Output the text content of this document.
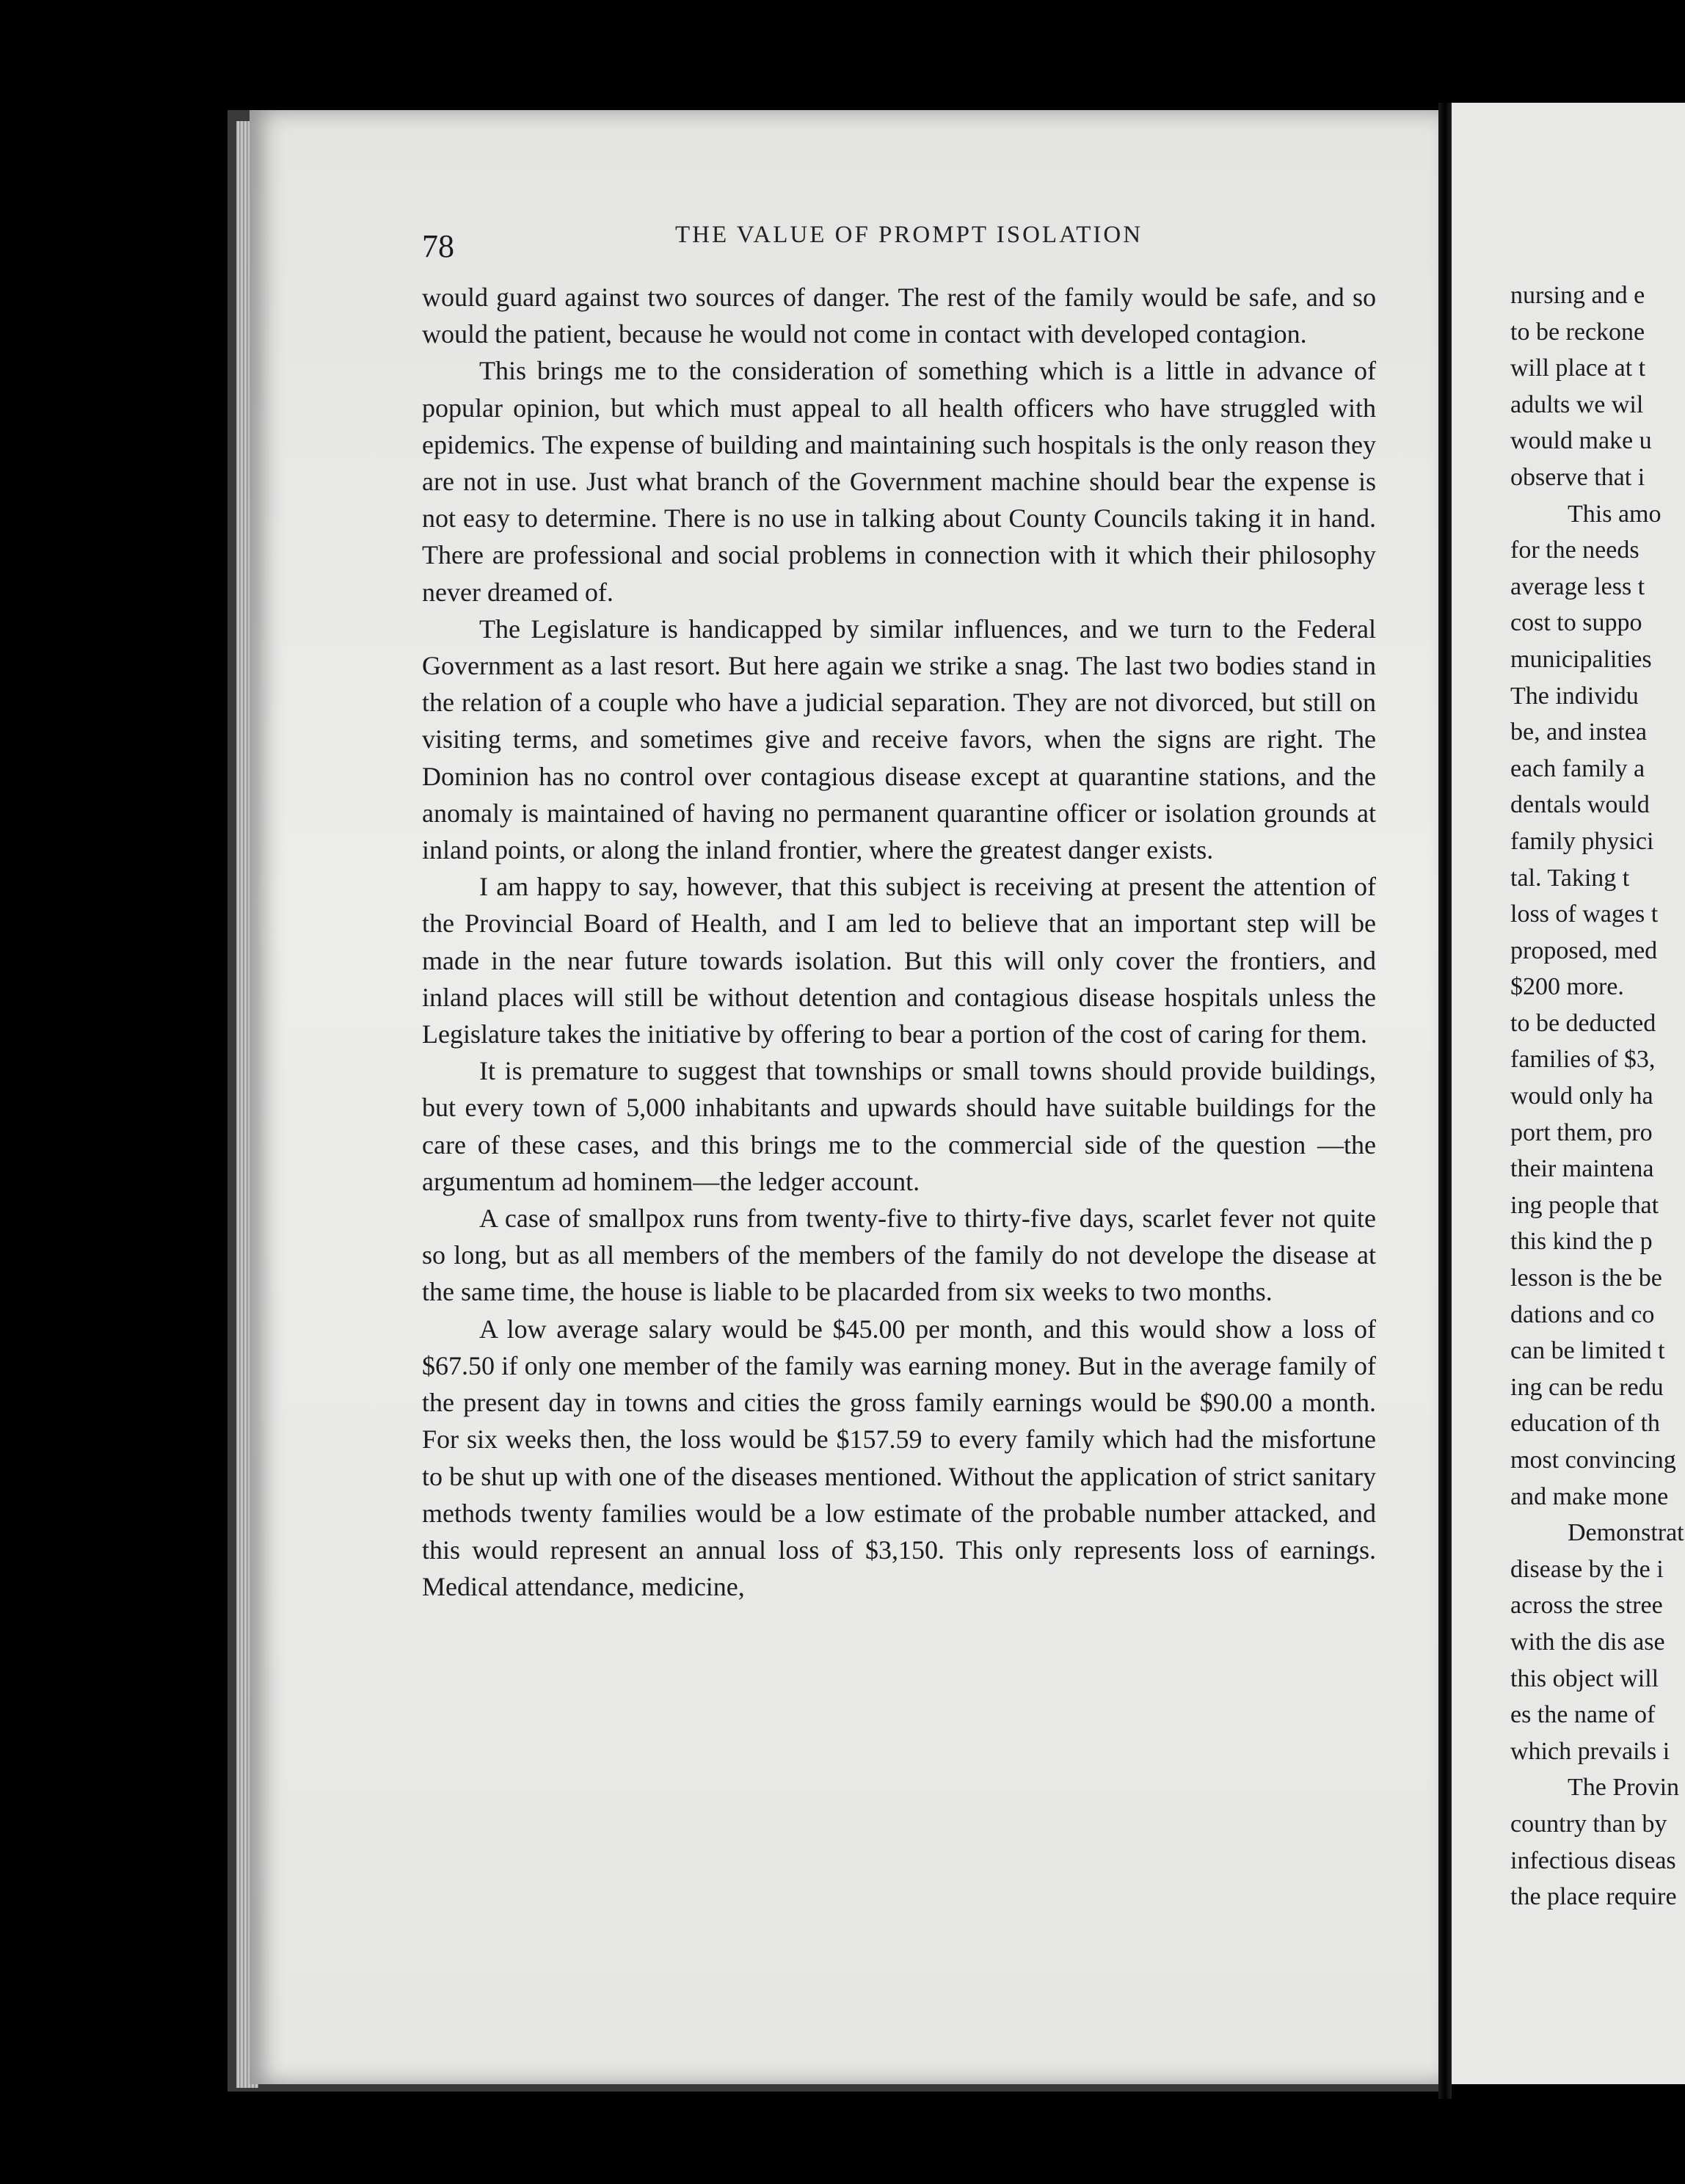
78	THE VALUE OF PROMPT ISOLATION

would guard against two sources of danger. The rest of the family would be safe, and so would the patient, because he would not come in contact with developed contagion.

This brings me to the consideration of something which is a little in advance of popular opinion, but which must appeal to all health officers who have struggled with epidemics. The expense of building and maintaining such hospitals is the only reason they are not in use. Just what branch of the Government machine should bear the expense is not easy to determine. There is no use in talking about County Councils taking it in hand. There are professional and social problems in connection with it which their philosophy never dreamed of.

The Legislature is handicapped by similar influences, and we turn to the Federal Government as a last resort. But here again we strike a snag. The last two bodies stand in the relation of a couple who have a judicial separation. They are not divorced, but still on visiting terms, and sometimes give and receive favors, when the signs are right. The Dominion has no control over contagious disease except at quarantine stations, and the anomaly is maintained of having no permanent quarantine officer or isolation grounds at inland points, or along the inland frontier, where the greatest danger exists.

I am happy to say, however, that this subject is receiving at present the attention of the Provincial Board of Health, and I am led to believe that an important step will be made in the near future towards isolation. But this will only cover the frontiers, and inland places will still be without detention and contagious disease hospitals unless the Legislature takes the initiative by offering to bear a portion of the cost of caring for them.

It is premature to suggest that townships or small towns should provide buildings, but every town of 5,000 inhabitants and upwards should have suitable buildings for the care of these cases, and this brings me to the commercial side of the question —the argumentum ad hominem—the ledger account.

A case of smallpox runs from twenty-five to thirty-five days, scarlet fever not quite so long, but as all members of the members of the family do not develope the disease at the same time, the house is liable to be placarded from six weeks to two months.

A low average salary would be $45.00 per month, and this would show a loss of $67.50 if only one member of the family was earning money. But in the average family of the present day in towns and cities the gross family earnings would be $90.00 a month. For six weeks then, the loss would be $157.59 to every family which had the misfortune to be shut up with one of the diseases mentioned. Without the application of strict sanitary methods twenty families would be a low estimate of the probable number attacked, and this would represent an annual loss of $3,150. This only represents loss of earnings. Medical attendance, medicine,

nursing and e
to be reckone
will place at t
adults we wil
would make u
observe that i
This amo
for the needs
average less t
cost to suppo
municipalities
The individu
be, and instea
each family a
dentals would
family physici
tal. Taking t
loss of wages t
proposed, med
$200 more.
to be deducted
families of $3,
would only ha
port them, pro
their maintena
ing people that
this kind the p
lesson is the be
dations and co
can be limited t
ing can be redu
education of th
most convincing
and make mone
Demonstrat
disease by the i
across the stree
with the dis ase
this object will
es the name of
which prevails i
The Provin
country than by
infectious diseas
the place require
